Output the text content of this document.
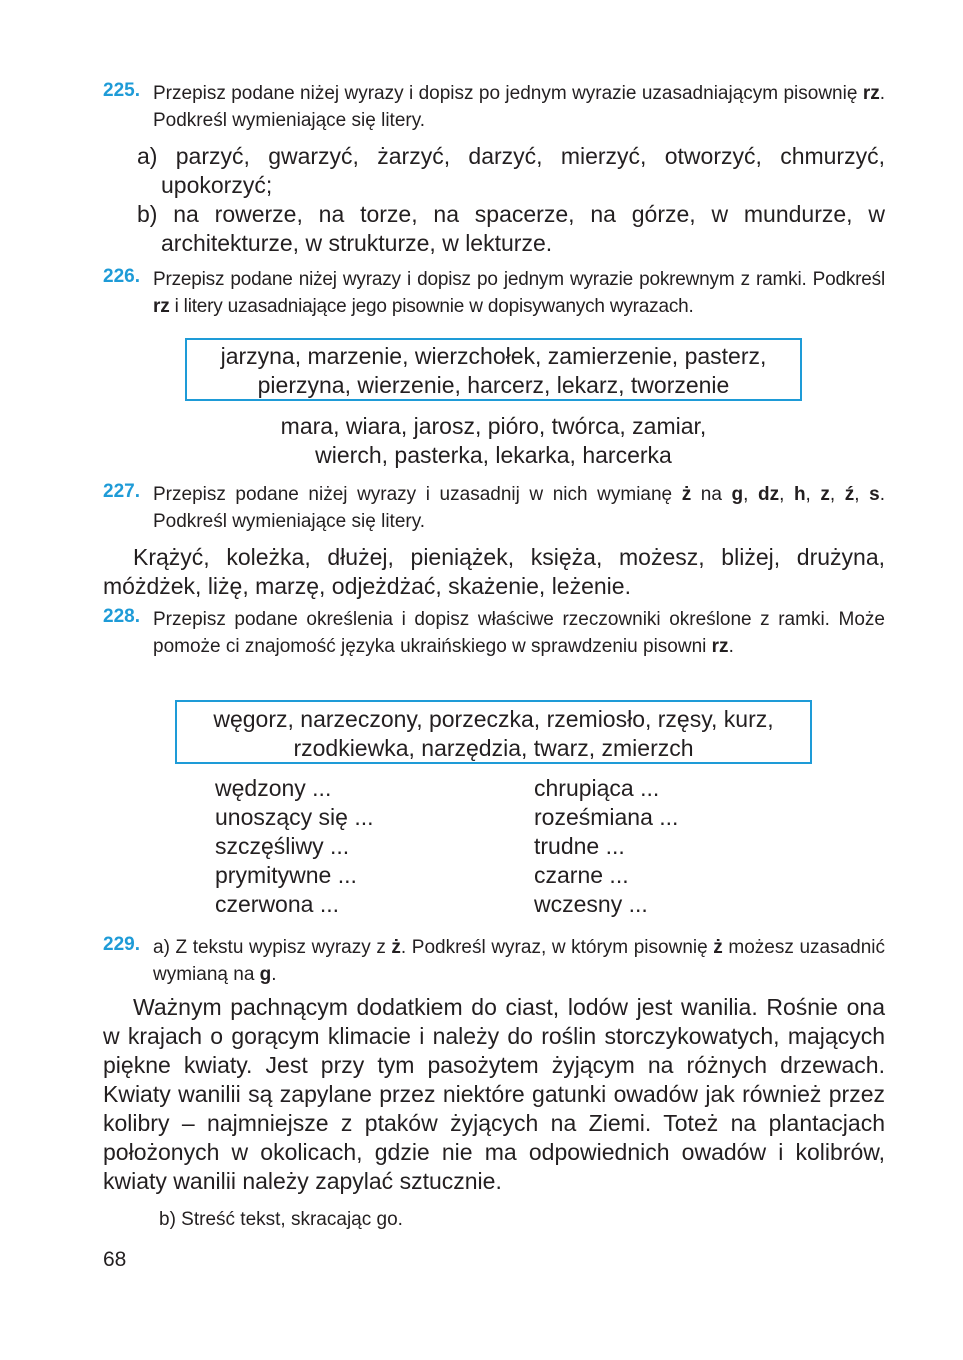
225. Przepisz podane niżej wyrazy i dopisz po jednym wyrazie uzasadniającym pisownię rz. Podkreśl wymieniające się litery.
a) parzyć, gwarzyć, żarzyć, darzyć, mierzyć, otworzyć, chmurzyć, upokorzyć;
b) na rowerze, na torze, na spacerze, na górze, w mundurze, w architekturze, w strukturze, w lekturze.
226. Przepisz podane niżej wyrazy i dopisz po jednym wyrazie pokrewnym z ramki. Podkreśl rz i litery uzasadniające jego pisownie w dopisywanych wyrazach.
jarzyna, marzenie, wierzchołek, zamierzenie, pasterz,
pierzyna, wierzenie, harcerz, lekarz, tworzenie
mara, wiara, jarosz, pióro, twórca, zamiar,
wierch, pasterka, lekarka, harcerka
227. Przepisz podane niżej wyrazy i uzasadnij w nich wymianę ż na g, dz, h, z, ź, s. Podkreśl wymieniające się litery.
Krążyć, koleżka, dłużej, pieniążek, księża, możesz, bliżej, drużyna, móżdżek, liżę, marzę, odjeżdżać, skażenie, leżenie.
228. Przepisz podane określenia i dopisz właściwe rzeczowniki określone z ramki. Może pomoże ci znajomość języka ukraińskiego w sprawdzeniu pisowni rz.
węgorz, narzeczony, porzeczka, rzemiosło, rzęsy, kurz,
rzodkiewka, narzędzia, twarz, zmierzch
wędzony ...
unoszący się ...
szczęśliwy ...
prymitywne ...
czerwona ...
chrupiąca ...
roześmiana ...
trudne ...
czarne ...
wczesny ...
229. a) Z tekstu wypisz wyrazy z ż. Podkreśl wyraz, w którym pisownię ż możesz uzasadnić wymianą na g.
Ważnym pachnącym dodatkiem do ciast, lodów jest wanilia. Rośnie ona w krajach o gorącym klimacie i należy do roślin storczykowatych, mających piękne kwiaty. Jest przy tym pasożytem żyjącym na różnych drzewach. Kwiaty wanilii są zapylane przez niektóre gatunki owadów jak również przez kolibry – najmniejsze z ptaków żyjących na Ziemi. Toteż na plantacjach położonych w okolicach, gdzie nie ma odpowiednich owadów i kolibrów, kwiaty wanilii należy zapylać sztucznie.
b) Streść tekst, skracając go.
68
